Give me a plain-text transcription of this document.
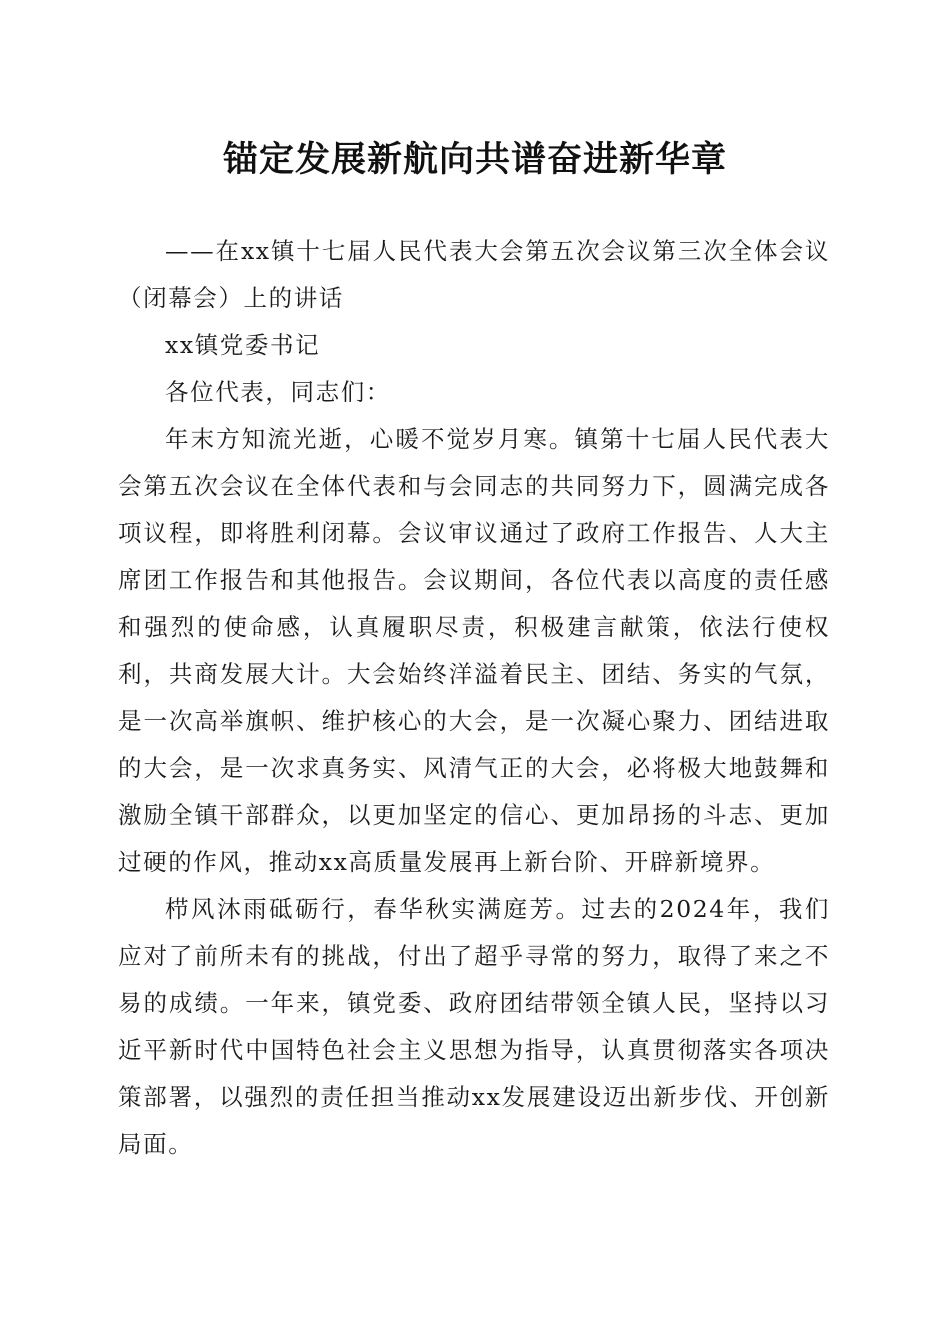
锚定发展新航向共谱奋进新华章

——在xx镇十七届人民代表大会第五次会议第三次全体会议（闭幕会）上的讲话

xx镇党委书记

各位代表，同志们：

年末方知流光逝，心暖不觉岁月寒。镇第十七届人民代表大会第五次会议在全体代表和与会同志的共同努力下，圆满完成各项议程，即将胜利闭幕。会议审议通过了政府工作报告、人大主席团工作报告和其他报告。会议期间，各位代表以高度的责任感和强烈的使命感，认真履职尽责，积极建言献策，依法行使权利，共商发展大计。大会始终洋溢着民主、团结、务实的气氛，是一次高举旗帜、维护核心的大会，是一次凝心聚力、团结进取的大会，是一次求真务实、风清气正的大会，必将极大地鼓舞和激励全镇干部群众，以更加坚定的信心、更加昂扬的斗志、更加过硬的作风，推动xx高质量发展再上新台阶、开辟新境界。

栉风沐雨砥砺行，春华秋实满庭芳。过去的2024年，我们应对了前所未有的挑战，付出了超乎寻常的努力，取得了来之不易的成绩。一年来，镇党委、政府团结带领全镇人民，坚持以习近平新时代中国特色社会主义思想为指导，认真贯彻落实各项决策部署，以强烈的责任担当推动xx发展建设迈出新步伐、开创新局面。
